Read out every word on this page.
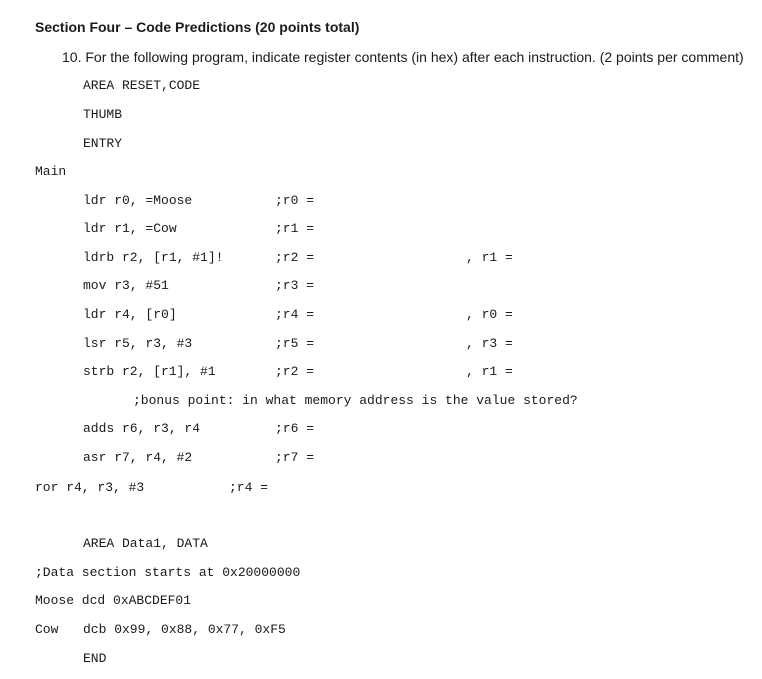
Section Four – Code Predictions (20 points total)
10. For the following program, indicate register contents (in hex) after each instruction. (2 points per comment)
AREA RESET,CODE
THUMB
ENTRY
Main
ldr r0, =Moose	;r0 =
ldr r1, =Cow	;r1 =
ldrb r2, [r1, #1]!	;r2 =	, r1 =
mov r3, #51	;r3 =
ldr r4, [r0]	;r4 =	, r0 =
lsr r5, r3, #3	;r5 =	, r3 =
strb r2, [r1], #1	;r2 =	, r1 =
;bonus point: in what memory address is the value stored?
adds r6, r3, r4	;r6 =
asr r7, r4, #2	;r7 =
ror r4, r3, #3	;r4 =
AREA Data1, DATA
;Data section starts at 0x20000000
Moose dcd 0xABCDEF01
Cow dcb 0x99, 0x88, 0x77, 0xF5
END
